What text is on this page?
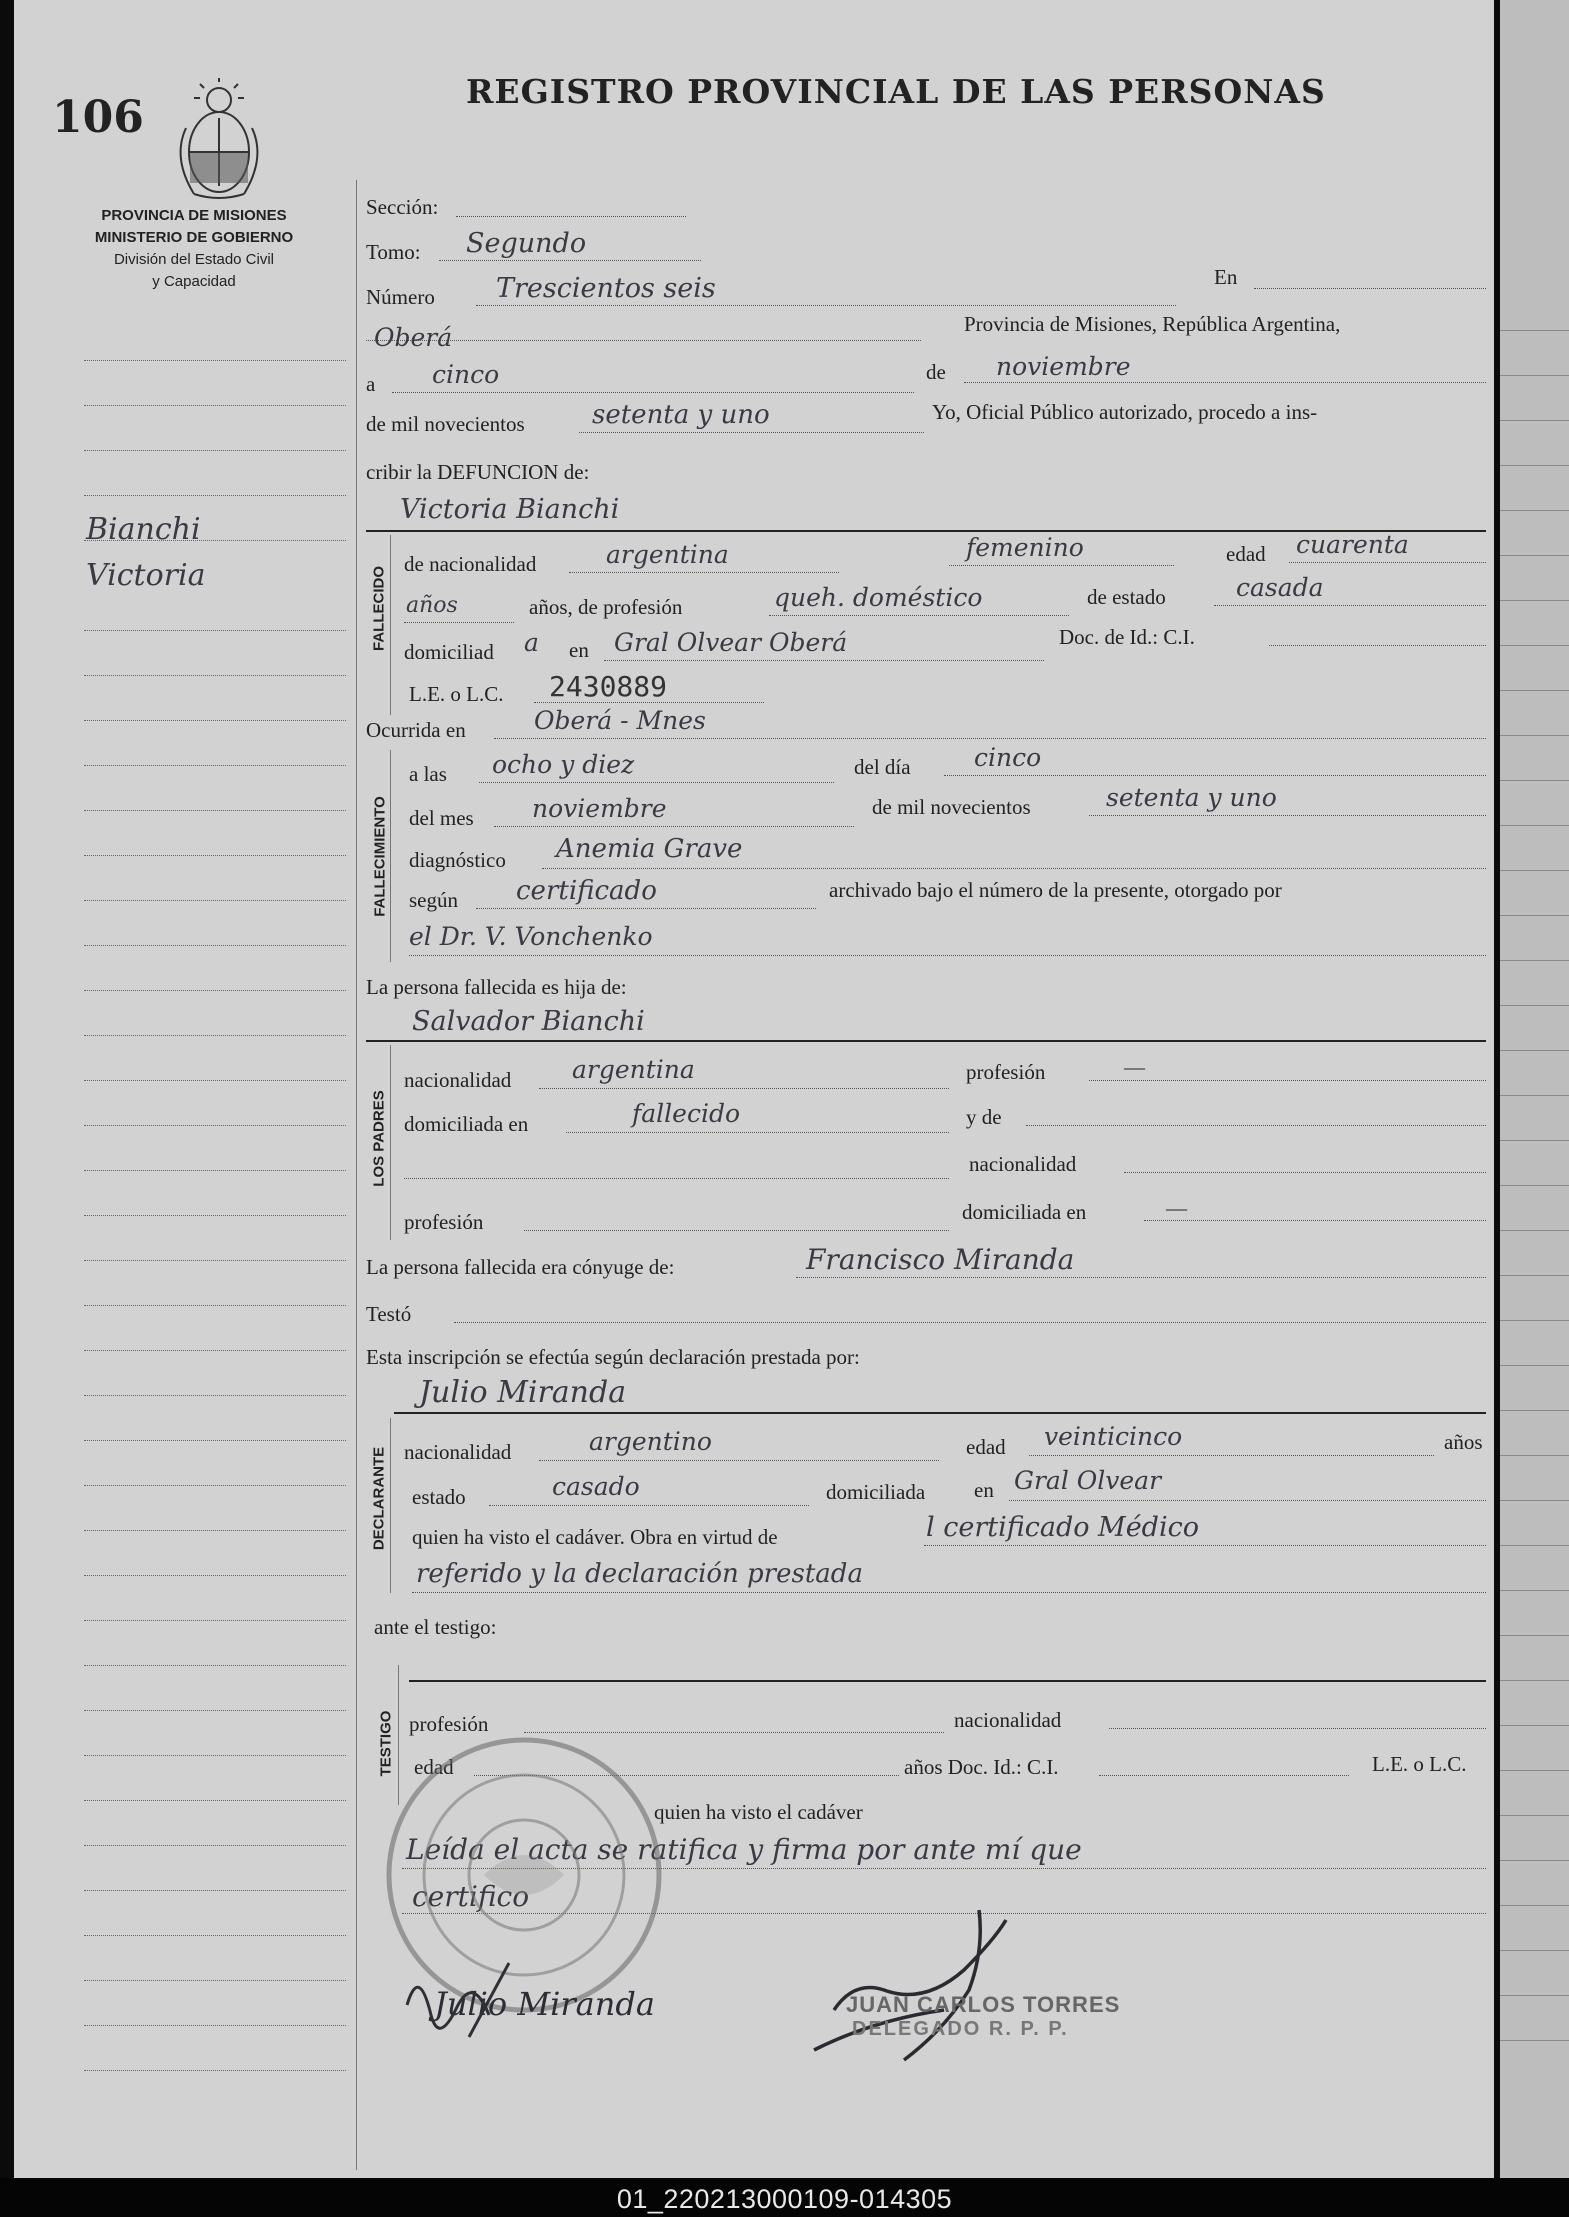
106
REGISTRO PROVINCIAL DE LAS PERSONAS
PROVINCIA DE MISIONES
MINISTERIO DE GOBIERNO
División del Estado Civil
y Capacidad
Bianchi
Victoria
Sección:
Tomo: Segundo
Número Trescientos seis	En
Oberá	Provincia de Misiones, República Argentina,
a cinco	de noviembre
de mil novecientos	setenta y uno	Yo, Oficial Público autorizado, procedo a ins-
cribir la DEFUNCION de:
Victoria Bianchi
FALLECIDO
de nacionalidad	argentina	femenino	edad cuarenta
años	años, de profesión	queh. doméstico	de estado	casada
domiciliad a en Gral Olvear Oberá	Doc. de Id.: C.I.
L.E. o L.C. 2430889
Ocurrida en	Oberá - Mnes
FALLECIMIENTO
a las ocho y diez	del día	cinco
del mes noviembre	de mil novecientos	setenta y uno
diagnóstico Anemia Grave
según certificado	archivado bajo el número de la presente, otorgado por
el Dr. V. Vonchenko
La persona fallecida es hija de:
Salvador Bianchi
LOS PADRES
nacionalidad argentina	profesión	—
domiciliada en	fallecido	y de
nacionalidad
profesión	domiciliada en	—
La persona fallecida era cónyuge de:	Francisco Miranda
Testó
Esta inscripción se efectúa según declaración prestada por:
Julio Miranda
DECLARANTE nacionalidad	argentino	edad veinticinco	años
estado	casado	domiciliada en Gral Olvear
quien ha visto el cadáver. Obra en virtud de	l certificado Médico
referido y la declaración prestada
ante el testigo:
TESTIGO profesión	nacionalidad
edad	años Doc. Id.: C.I.	L.E. o L.C.
quien ha visto el cadáver
Leída el acta se ratifica y firma por ante mí que
certifico
Julio Miranda	JUAN CARLOS TORRES
DELEGADO R. P. P.
01_220213000109-014305
